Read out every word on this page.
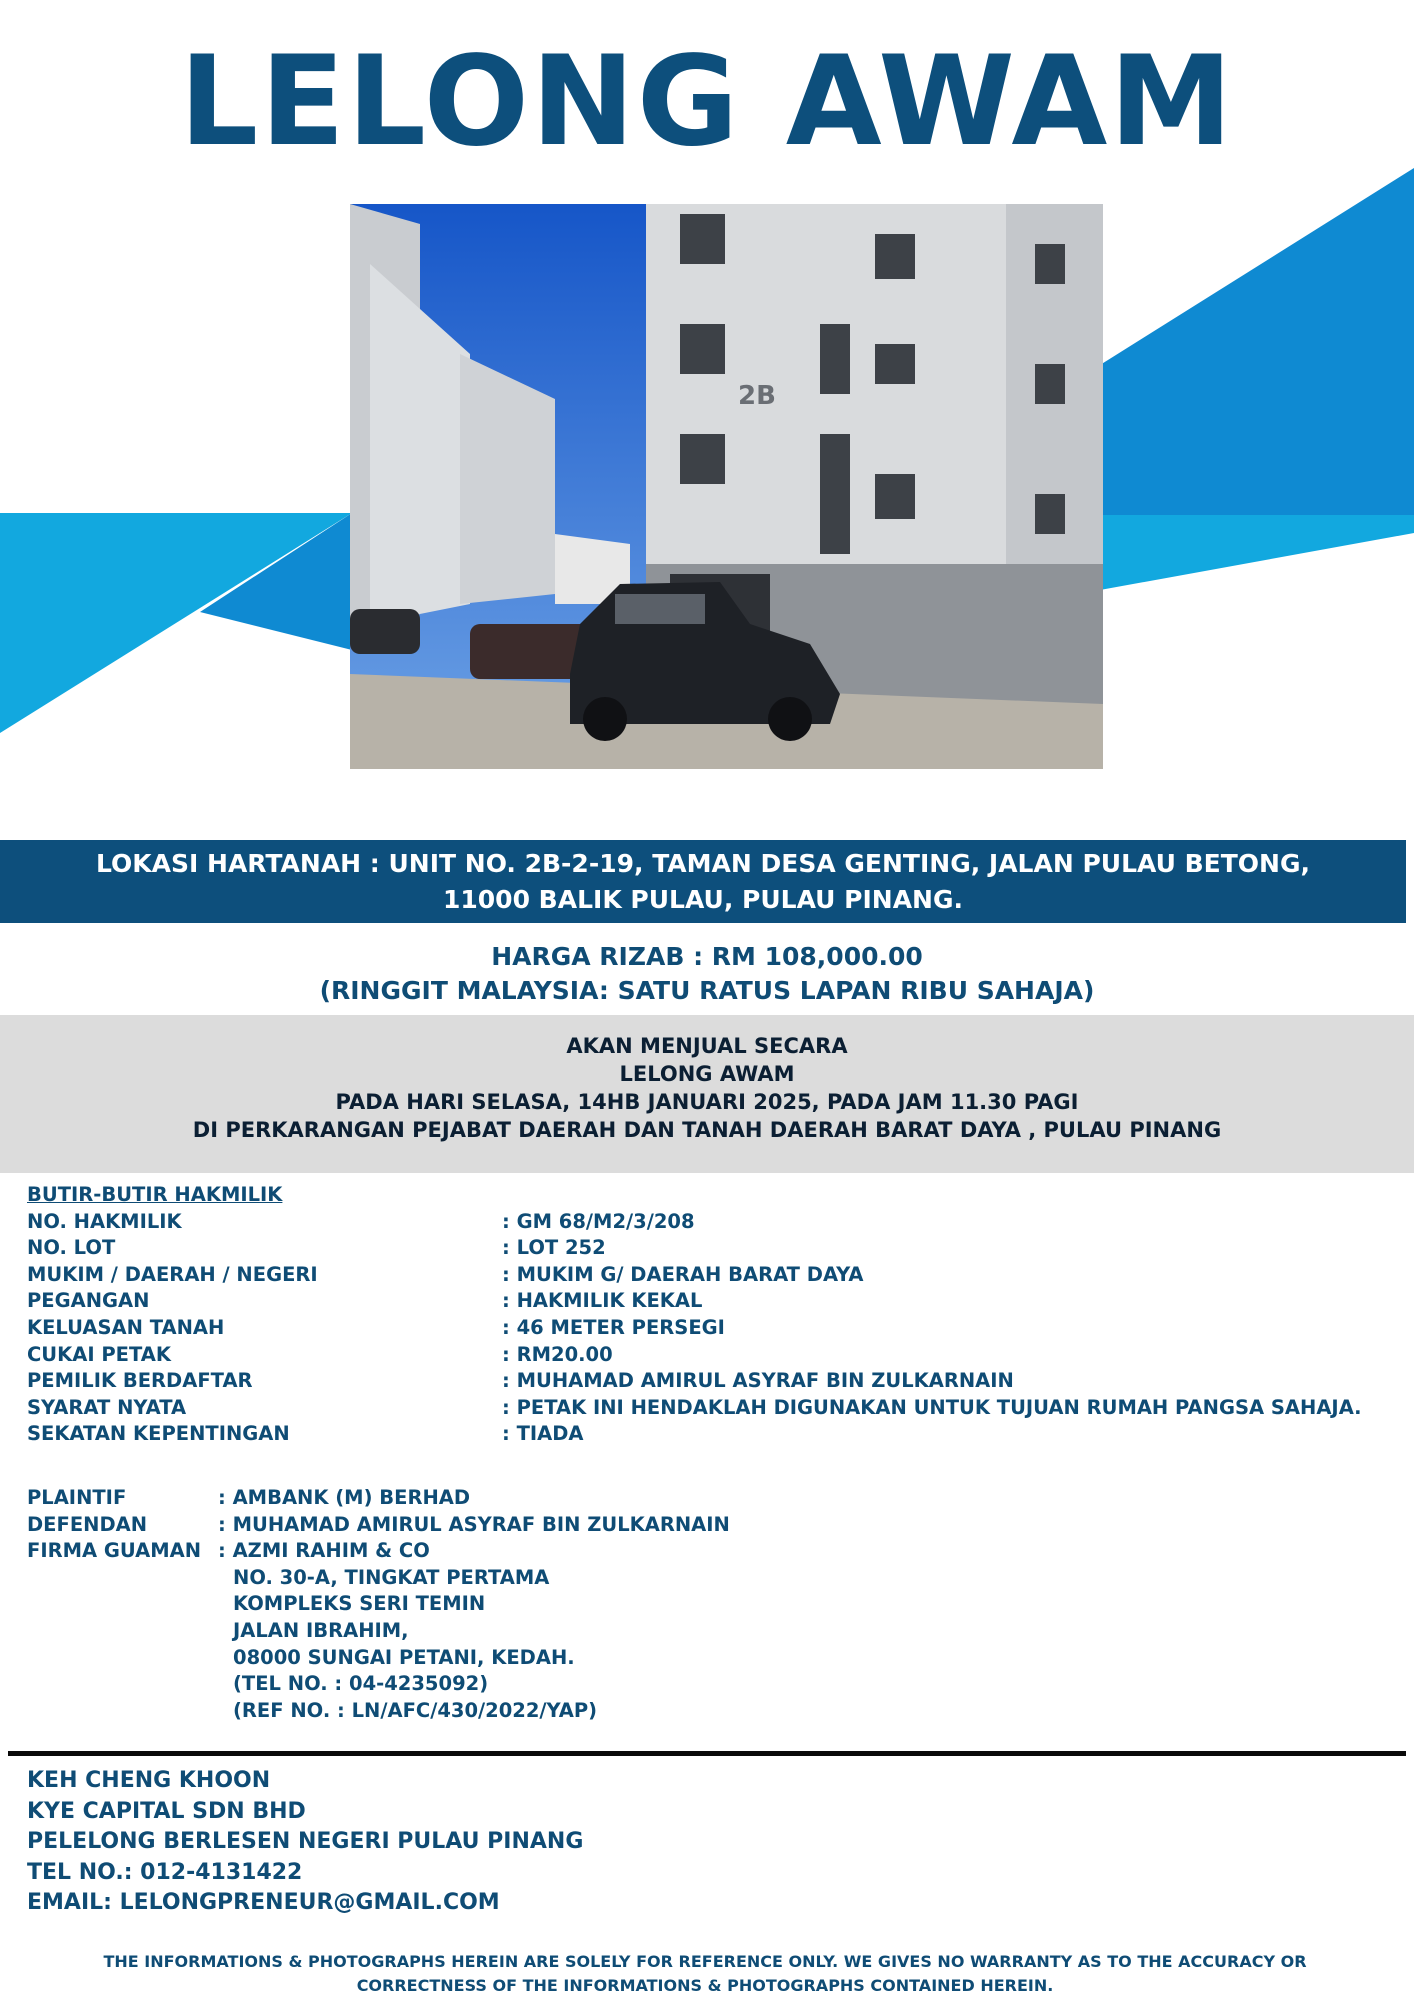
LELONG AWAM
2B
LOKASI HARTANAH : UNIT NO. 2B-2-19, TAMAN DESA GENTING, JALAN PULAU BETONG,
11000 BALIK PULAU, PULAU PINANG.
HARGA RIZAB : RM 108,000.00
(RINGGIT MALAYSIA: SATU RATUS LAPAN RIBU SAHAJA)
AKAN MENJUAL SECARA
LELONG AWAM
PADA HARI SELASA, 14HB JANUARI 2025, PADA JAM 11.30 PAGI
DI PERKARANGAN PEJABAT DAERAH DAN TANAH DAERAH BARAT DAYA , PULAU PINANG
BUTIR-BUTIR HAKMILIK
NO. HAKMILIK	: GM 68/M2/3/208
NO. LOT	: LOT 252
MUKIM / DAERAH / NEGERI	: MUKIM G/ DAERAH BARAT DAYA
PEGANGAN	: HAKMILIK KEKAL
KELUASAN TANAH	: 46 METER PERSEGI
CUKAI PETAK	: RM20.00
PEMILIK BERDAFTAR	: MUHAMAD AMIRUL ASYRAF BIN ZULKARNAIN
SYARAT NYATA	: PETAK INI HENDAKLAH DIGUNAKAN UNTUK TUJUAN RUMAH PANGSA SAHAJA.
SEKATAN KEPENTINGAN	: TIADA
PLAINTIF	: AMBANK (M) BERHAD
DEFENDAN	: MUHAMAD AMIRUL ASYRAF BIN ZULKARNAIN
FIRMA GUAMAN : AZMI RAHIM & CO
NO. 30-A, TINGKAT PERTAMA
KOMPLEKS SERI TEMIN
JALAN IBRAHIM,
08000 SUNGAI PETANI, KEDAH.
(TEL NO. : 04-4235092)
(REF NO. : LN/AFC/430/2022/YAP)
KEH CHENG KHOON
KYE CAPITAL SDN BHD
PELELONG BERLESEN NEGERI PULAU PINANG
TEL NO.: 012-4131422
EMAIL: LELONGPRENEUR@GMAIL.COM
THE INFORMATIONS & PHOTOGRAPHS HEREIN ARE SOLELY FOR REFERENCE ONLY. WE GIVES NO WARRANTY AS TO THE ACCURACY OR
CORRECTNESS OF THE INFORMATIONS & PHOTOGRAPHS CONTAINED HEREIN.
